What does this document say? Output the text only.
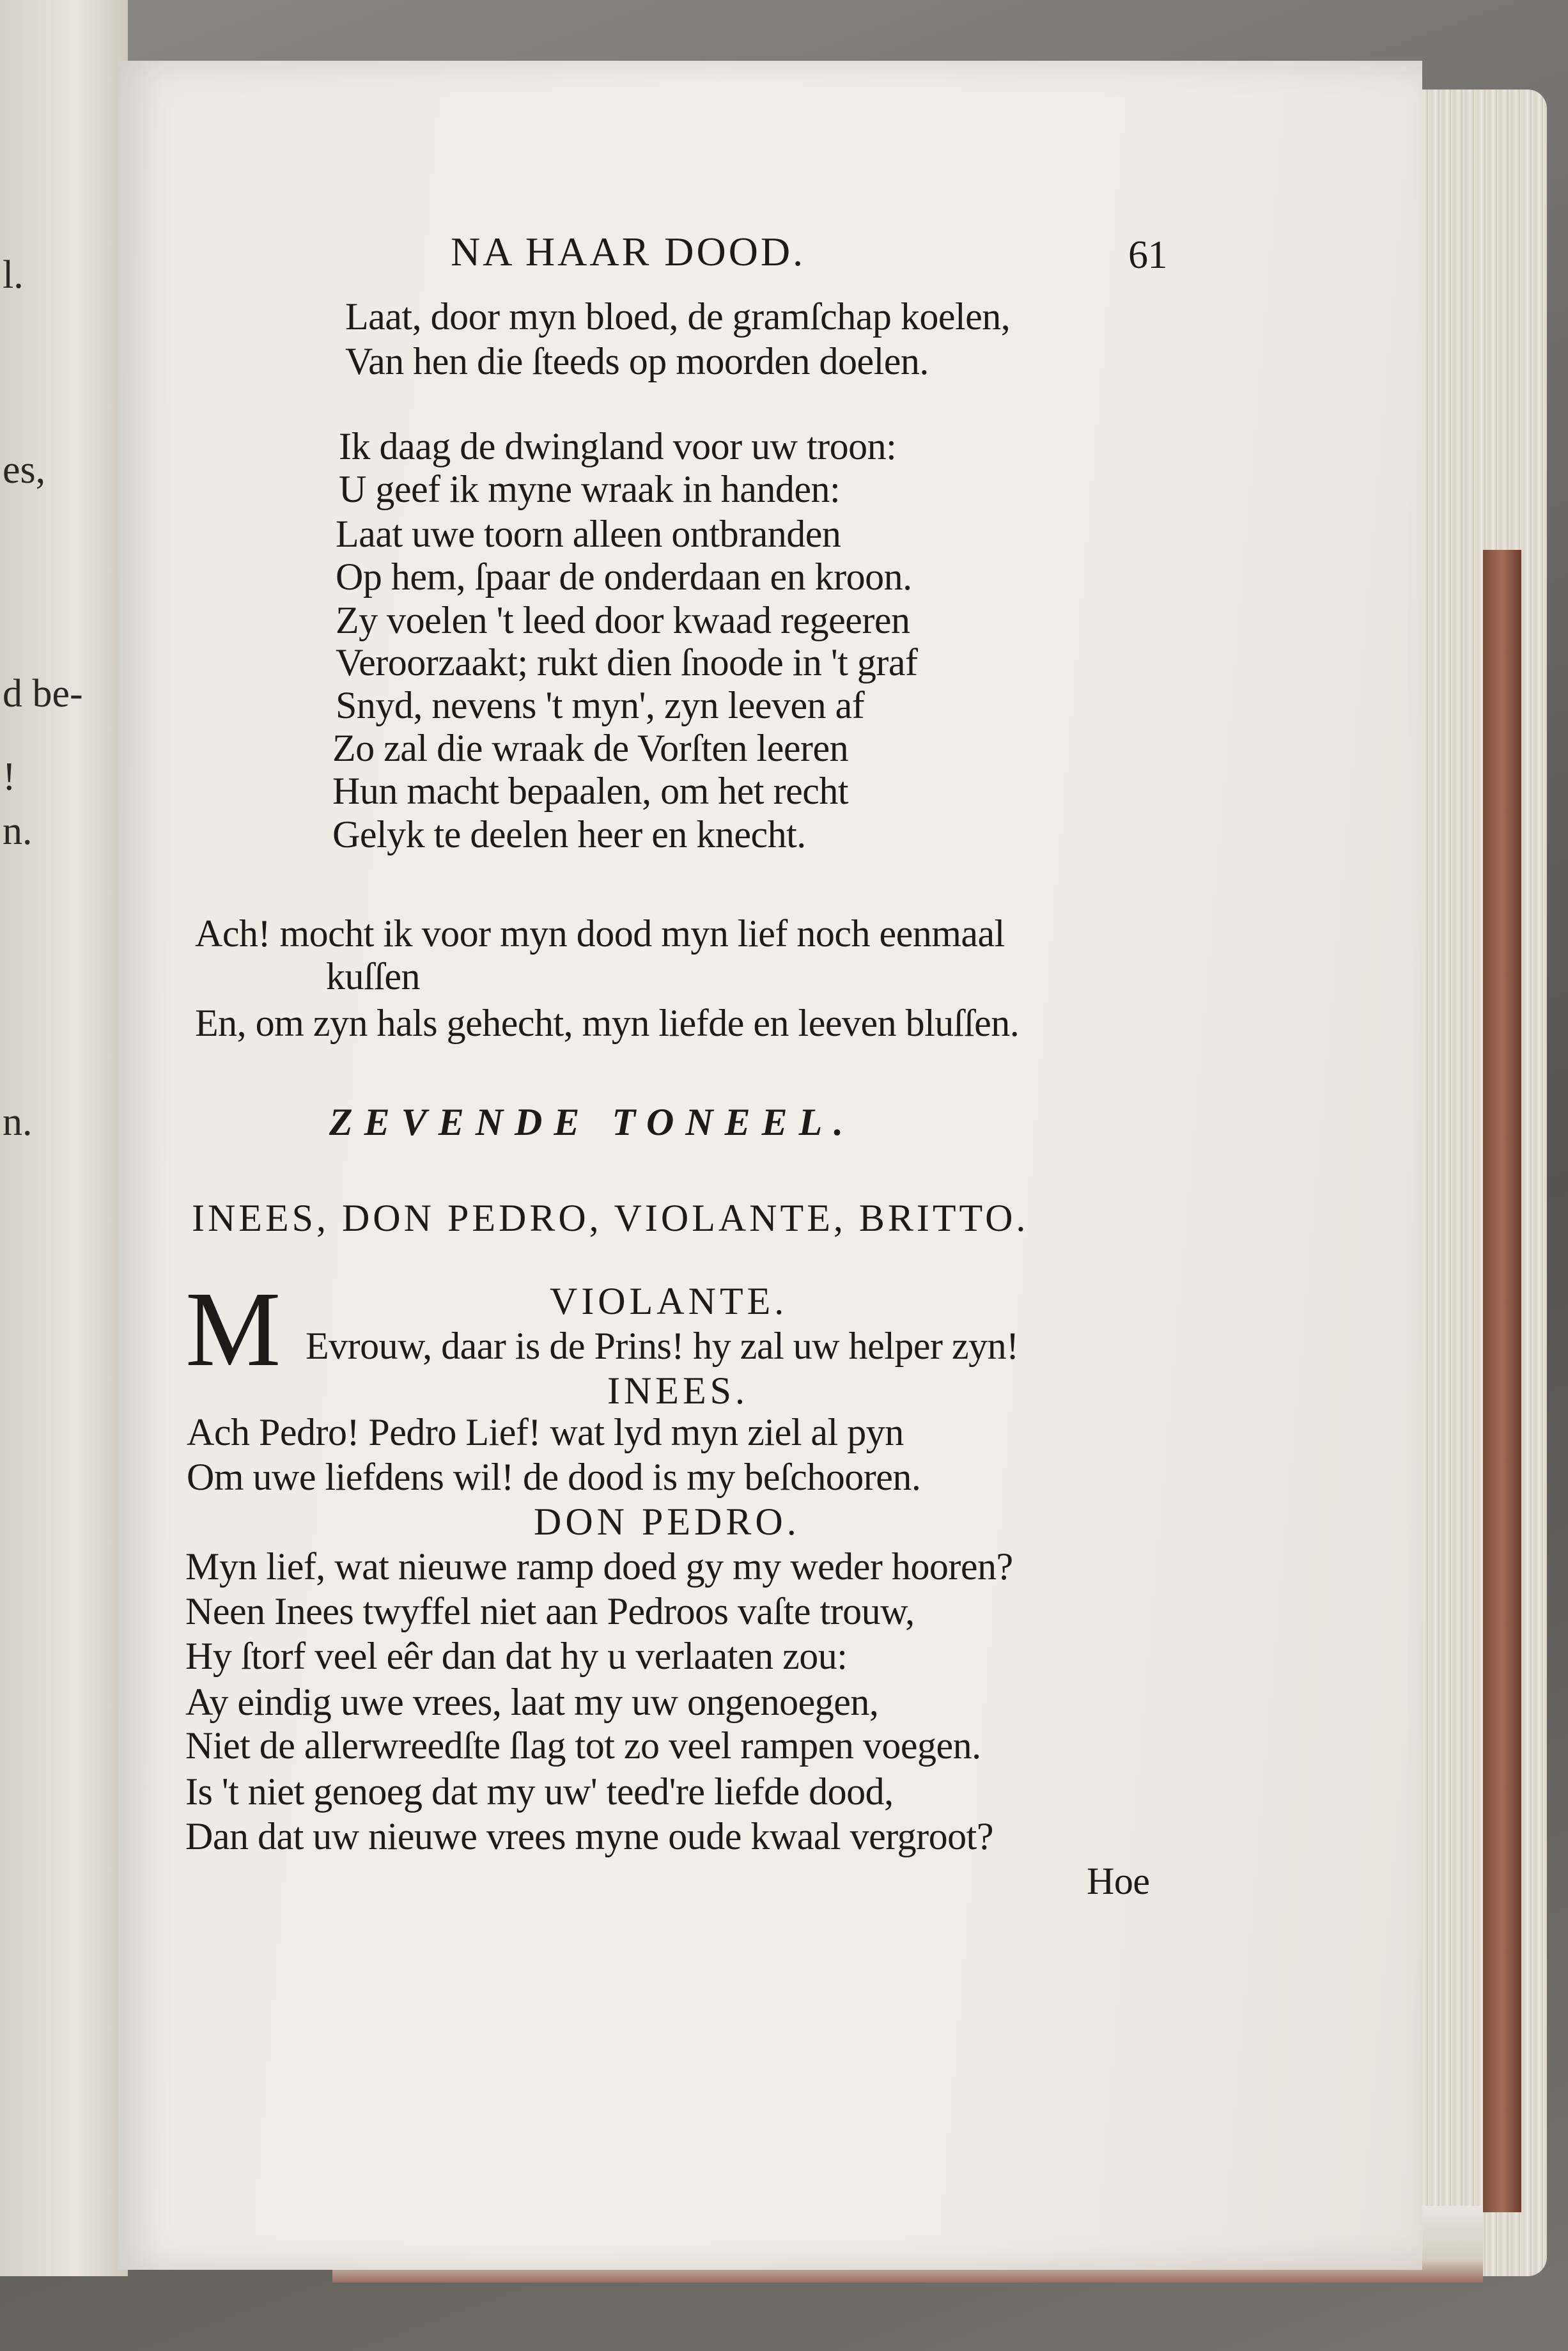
l.
es,
d be-
!
n.
n.
NA HAAR DOOD.	61
Laat, door myn bloed, de gramſchap koelen,
Van hen die ſteeds op moorden doelen.
Ik daag de dwingland voor uw troon:
U geef ik myne wraak in handen:
Laat uwe toorn alleen ontbranden
Op hem, ſpaar de onderdaan en kroon.
Zy voelen 't leed door kwaad regeeren
Veroorzaakt; rukt dien ſnoode in 't graf
Snyd, nevens 't myn', zyn leeven af
Zo zal die wraak de Vorſten leeren
Hun macht bepaalen, om het recht
Gelyk te deelen heer en knecht.
Ach! mocht ik voor myn dood myn lief noch eenmaal
kuſſen
En, om zyn hals gehecht, myn liefde en leeven bluſſen.
ZEVENDE TONEEL.
INEES, DON PEDRO, VIOLANTE, BRITTO.
VIOLANTE.
M Evrouw, daar is de Prins! hy zal uw helper zyn!
INEES.
Ach Pedro! Pedro Lief! wat lyd myn ziel al pyn
Om uwe liefdens wil! de dood is my beſchooren.
DON PEDRO.
Myn lief, wat nieuwe ramp doed gy my weder hooren?
Neen Inees twyffel niet aan Pedroos vaſte trouw,
Hy ſtorf veel eêr dan dat hy u verlaaten zou:
Ay eindig uwe vrees, laat my uw ongenoegen,
Niet de allerwreedſte ſlag tot zo veel rampen voegen.
Is 't niet genoeg dat my uw' teed're liefde dood,
Dan dat uw nieuwe vrees myne oude kwaal vergroot?
Hoe
